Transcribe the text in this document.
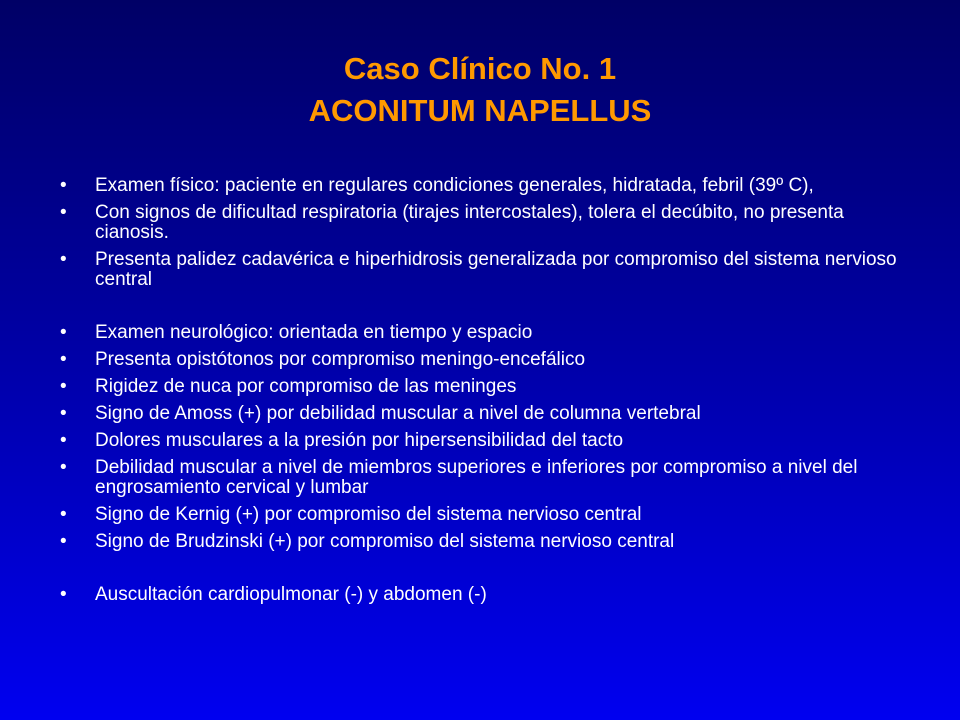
Caso Clínico No. 1

ACONITUM NAPELLUS

• Examen físico: paciente en regulares condiciones generales, hidratada, febril (39º C),
• Con signos de dificultad respiratoria (tirajes intercostales), tolera el decúbito, no presenta cianosis.
• Presenta palidez cadavérica e hiperhidrosis generalizada por compromiso del sistema nervioso central
• Examen neurológico: orientada en tiempo y espacio
• Presenta opistótonos por compromiso meningo-encefálico
• Rigidez de nuca por compromiso de las meninges
• Signo de Amoss (+) por debilidad muscular a nivel de columna vertebral
• Dolores musculares a la presión por hipersensibilidad del tacto
• Debilidad muscular a nivel de miembros superiores e inferiores por compromiso a nivel del engrosamiento cervical y lumbar
• Signo de Kernig (+) por compromiso del sistema nervioso central
• Signo de Brudzinski (+) por compromiso del sistema nervioso central
• Auscultación cardiopulmonar (-) y abdomen (-)
